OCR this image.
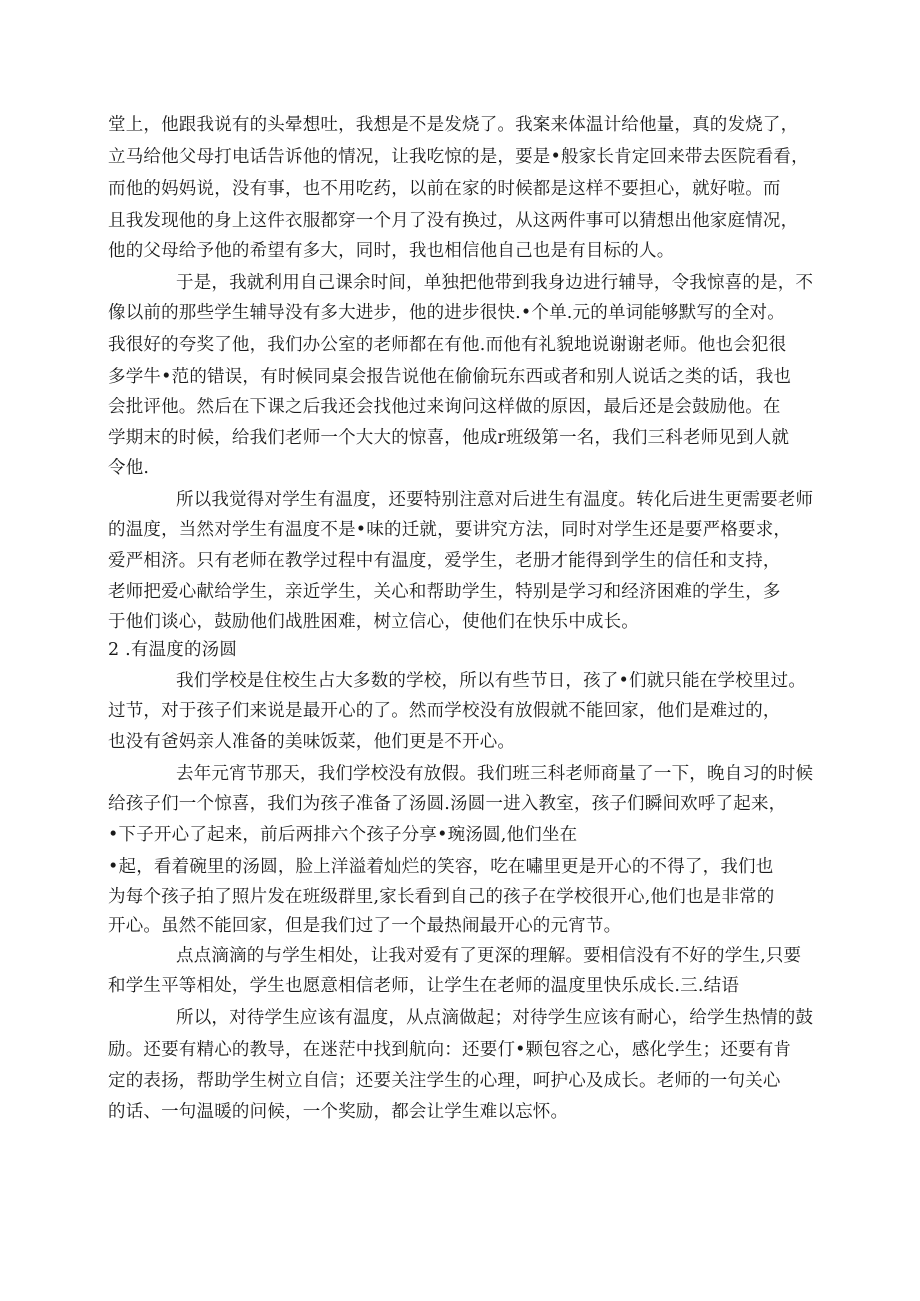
堂上，他跟我说有的头晕想吐，我想是不是发烧了。我案来体温计给他量，真的发烧了，
立马给他父母打电话告诉他的情况，让我吃惊的是，要是•般家长肯定回来带去医院看看，
而他的妈妈说，没有事，也不用吃药，以前在家的时候都是这样不要担心，就好啦。而
且我发现他的身上这件衣服都穿一个月了没有换过，从这两件事可以猜想出他家庭情况，
他的父母给予他的希望有多大，同时，我也相信他自己也是有目标的人。
于是，我就利用自己课余时间，单独把他带到我身边进行辅导，令我惊喜的是，不
像以前的那些学生辅导没有多大进步，他的进步很快.•个单.元的单词能够默写的全对。
我很好的夸奖了他，我们办公室的老师都在有他.而他有礼貌地说谢谢老师。他也会犯很
多学牛•范的错误，有时候同桌会报告说他在偷偷玩东西或者和别人说话之类的话，我也
会批评他。然后在下课之后我还会找他过来询问这样做的原因，最后还是会鼓励他。在
学期末的时候，给我们老师一个大大的惊喜，他成r班级第一名，我们三科老师见到人就
令他.
所以我觉得对学生有温度，还要特别注意对后进生有温度。转化后进生更需要老师
的温度，当然对学生有温度不是•味的迁就，要讲究方法，同时对学生还是要严格要求，
爱严相济。只有老师在教学过程中有温度，爱学生，老册才能得到学生的信任和支持，
老师把爱心献给学生，亲近学生，关心和帮助学生，特别是学习和经济困难的学生，多
于他们谈心，鼓励他们战胜困难，树立信心，使他们在快乐中成长。
2 .有温度的汤圆
我们学校是住校生占大多数的学校，所以有些节日，孩了•们就只能在学校里过。
过节，对于孩子们来说是最开心的了。然而学校没有放假就不能回家，他们是难过的，
也没有爸妈亲人准备的美味饭菜，他们更是不开心。
去年元宵节那天，我们学校没有放假。我们班三科老师商量了一下，晚自习的时候
给孩子们一个惊喜，我们为孩子准备了汤圆.汤圆一进入教室，孩子们瞬间欢呼了起来，
•下子开心了起来，前后两排六个孩子分享•琬汤圆,他们坐在
•起，看着碗里的汤圆，脸上洋溢着灿烂的笑容，吃在嘯里更是开心的不得了，我们也
为每个孩子拍了照片发在班级群里,家长看到自己的孩子在学校很开心,他们也是非常的
开心。虽然不能回家，但是我们过了一个最热闹最开心的元宵节。
点点滴滴的与学生相处，让我对爱有了更深的理解。要相信没有不好的学生,只要
和学生平等相处，学生也愿意相信老师，让学生在老师的温度里快乐成长.三.结语
所以，对待学生应该有温度，从点滴做起；对待学生应该有耐心，给学生热情的鼓
励。还要有精心的教导，在迷茫中找到航向：还要仃•颗包容之心，感化学生；还要有肯
定的表扬，帮助学生树立自信；还要关注学生的心理，呵护心及成长。老师的一句关心
的话、一句温暖的问候，一个奖励，都会让学生难以忘怀。
